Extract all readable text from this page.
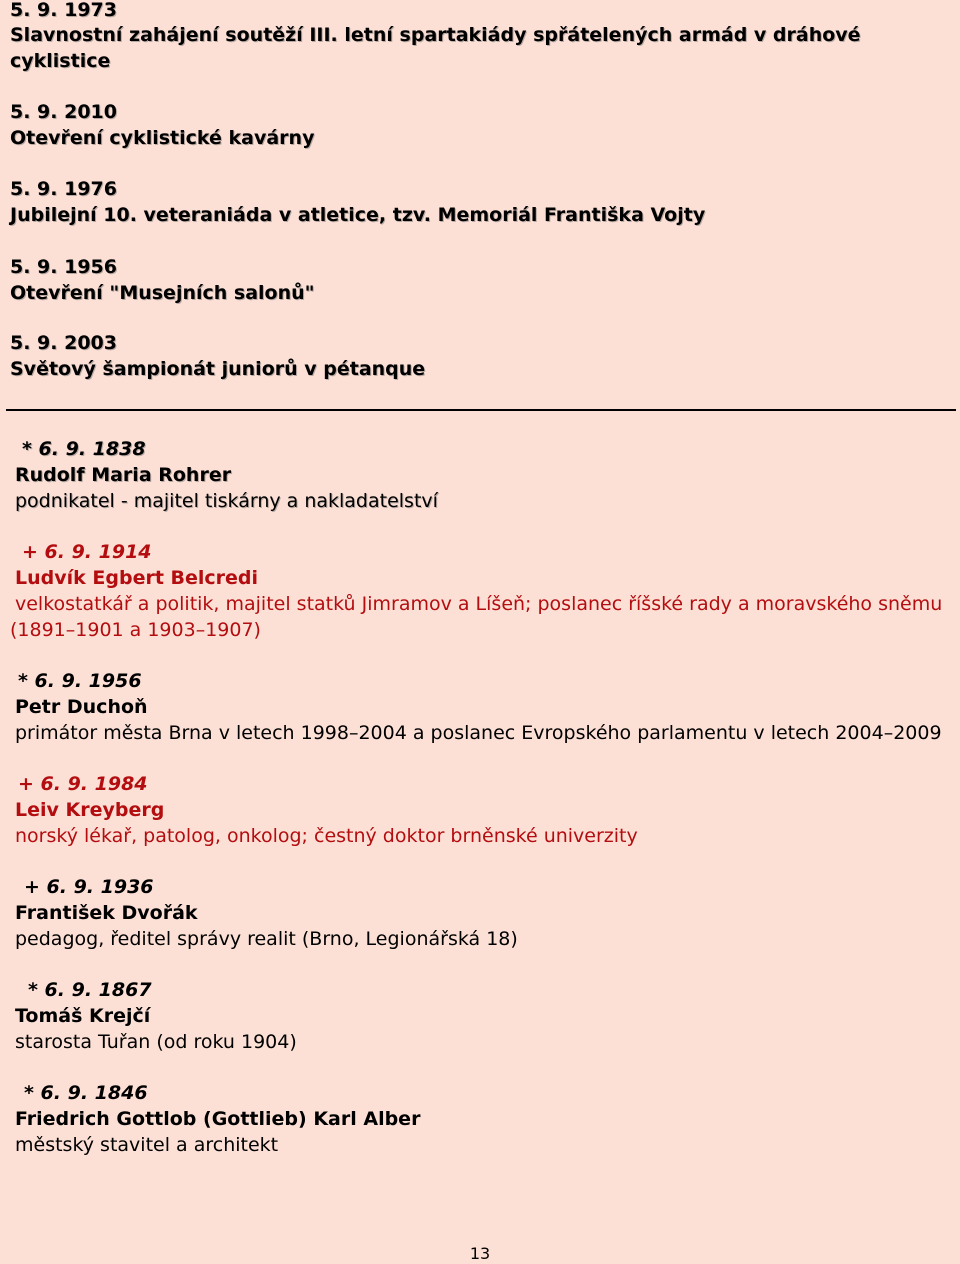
5. 9. 1973
Slavnostní zahájení soutěží III. letní spartakiády spřátelených armád v dráhové
cyklistice
5. 9. 2010
Otevření cyklistické kavárny
5. 9. 1976
Jubilejní 10. veteraniáda v atletice, tzv. Memoriál Františka Vojty
5. 9. 1956
Otevření "Musejních salonů"
5. 9. 2003
Světový šampionát juniorů v pétanque
* 6. 9. 1838
Rudolf Maria Rohrer
podnikatel - majitel tiskárny a nakladatelství
+ 6. 9. 1914
Ludvík Egbert Belcredi
velkostatkář a politik, majitel statků Jimramov a Líšeň; poslanec říšské rady a moravského sněmu
(1891–1901 a 1903–1907)
* 6. 9. 1956
Petr Duchoň
primátor města Brna v letech 1998–2004 a poslanec Evropského parlamentu v letech 2004–2009
+ 6. 9. 1984
Leiv Kreyberg
norský lékař, patolog, onkolog; čestný doktor brněnské univerzity
+ 6. 9. 1936
František Dvořák
pedagog, ředitel správy realit (Brno, Legionářská 18)
* 6. 9. 1867
Tomáš Krejčí
starosta Tuřan (od roku 1904)
* 6. 9. 1846
Friedrich Gottlob (Gottlieb) Karl Alber
městský stavitel a architekt
13
